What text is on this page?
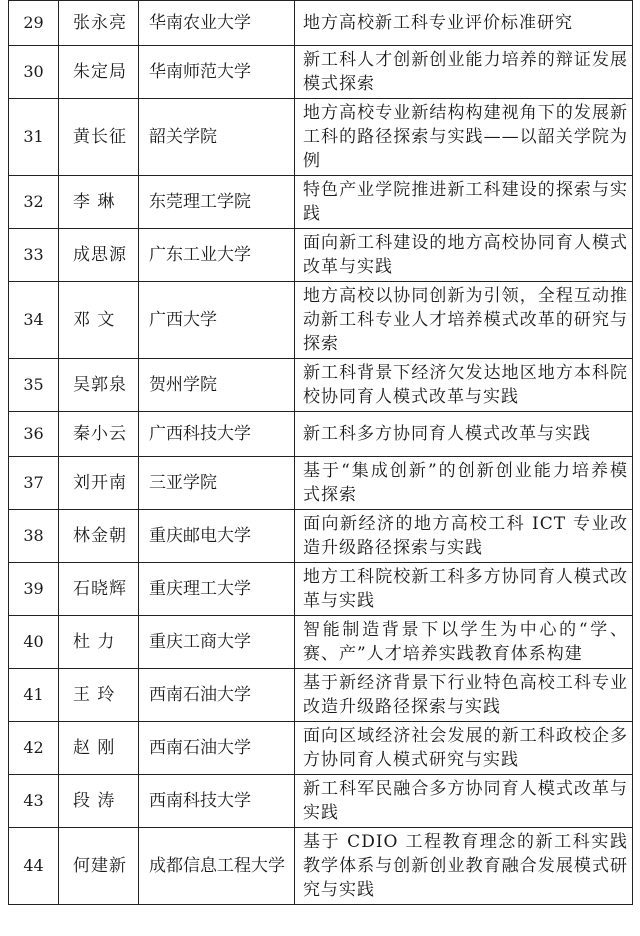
29	张永亮	华南农业大学	地方高校新工科专业评价标准研究
30	朱定局	华南师范大学	新工科人才创新创业能力培养的辩证发展模式探索
31	黄长征	韶关学院	地方高校专业新结构构建视角下的发展新工科的路径探索与实践——以韶关学院为例
32	李 琳	东莞理工学院	特色产业学院推进新工科建设的探索与实践
33	成思源	广东工业大学	面向新工科建设的地方高校协同育人模式改革与实践
34	邓 文	广西大学	地方高校以协同创新为引领，全程互动推动新工科专业人才培养模式改革的研究与探索
35	吴郭泉	贺州学院	新工科背景下经济欠发达地区地方本科院校协同育人模式改革与实践
36	秦小云	广西科技大学	新工科多方协同育人模式改革与实践
37	刘开南	三亚学院	基于“集成创新”的创新创业能力培养模式探索
38	林金朝	重庆邮电大学	面向新经济的地方高校工科 ICT 专业改造升级路径探索与实践
39	石晓辉	重庆理工大学	地方工科院校新工科多方协同育人模式改革与实践
40	杜 力	重庆工商大学	智能制造背景下以学生为中心的“学、赛、产”人才培养实践教育体系构建
41	王 玲	西南石油大学	基于新经济背景下行业特色高校工科专业改造升级路径探索与实践
42	赵 刚	西南石油大学	面向区域经济社会发展的新工科政校企多方协同育人模式研究与实践
43	段 涛	西南科技大学	新工科军民融合多方协同育人模式改革与实践
44	何建新	成都信息工程大学	基于 CDIO 工程教育理念的新工科实践教学体系与创新创业教育融合发展模式研究与实践
